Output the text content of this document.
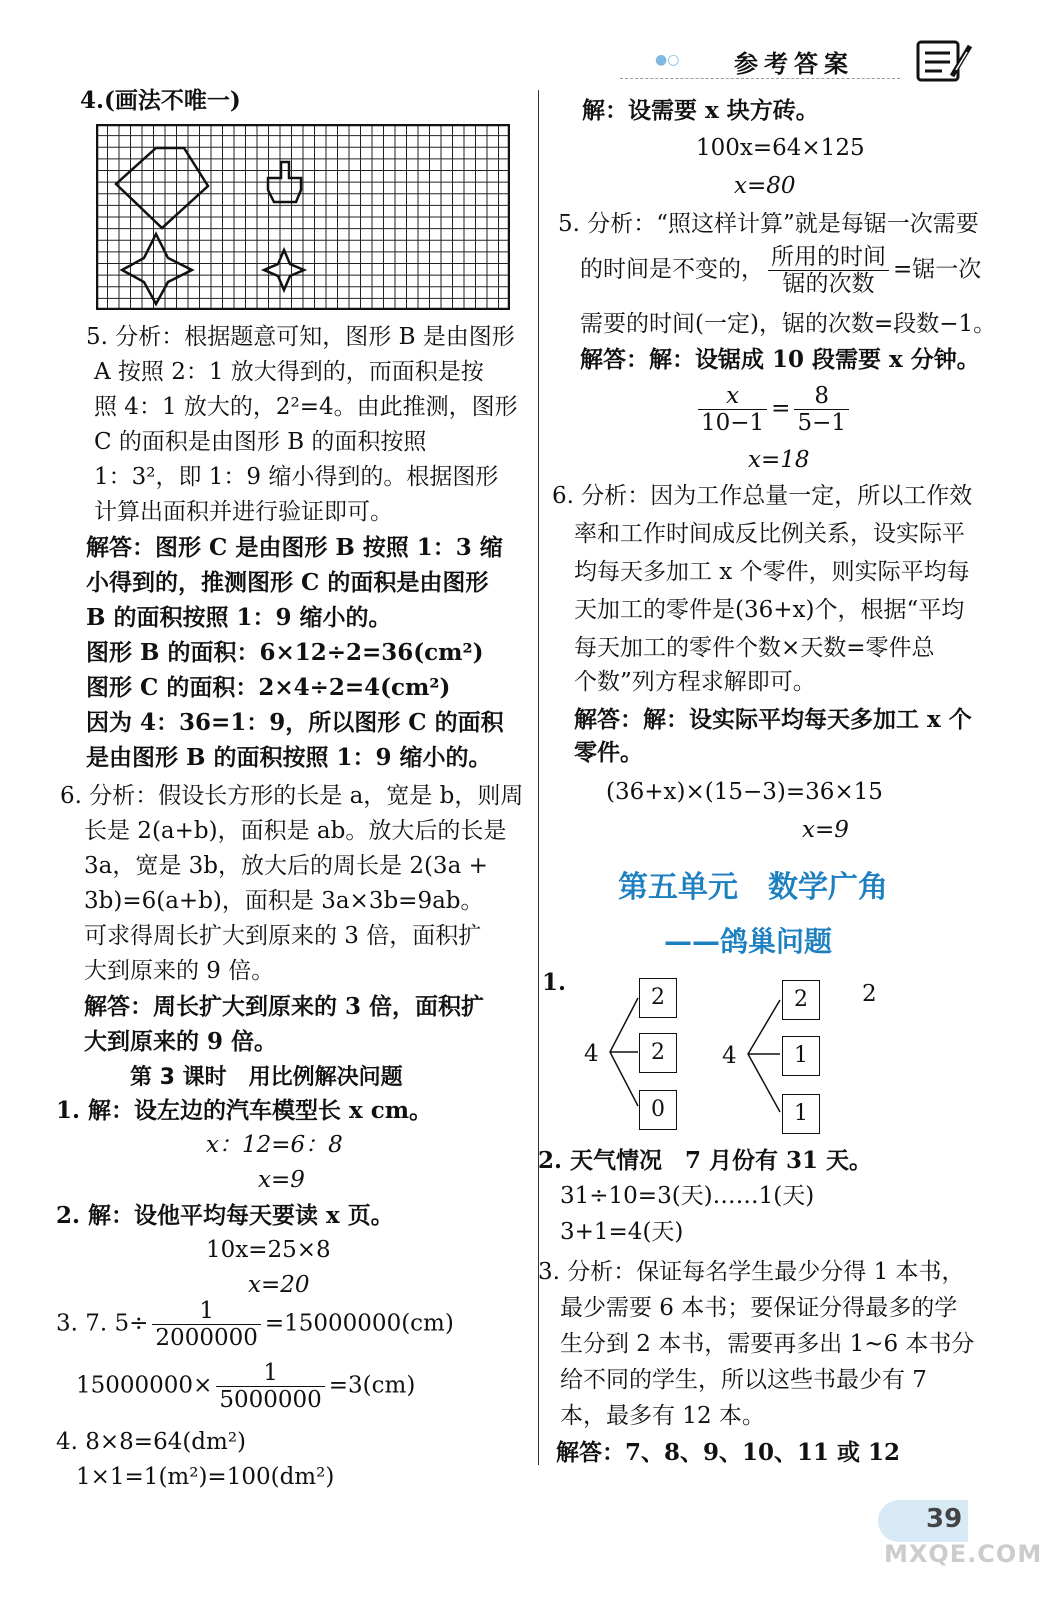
●○ 参考答案
4.(画法不唯一)
5. 分析：根据题意可知，图形 B 是由图形
A 按照 2：1 放大得到的，而面积是按
照 4：1 放大的，2²=4。由此推测，图形
C 的面积是由图形 B 的面积按照
1：3²，即 1：9 缩小得到的。根据图形
计算出面积并进行验证即可。
解答：图形 C 是由图形 B 按照 1：3 缩
小得到的，推测图形 C 的面积是由图形
B 的面积按照 1：9 缩小的。
图形 B 的面积：6×12÷2=36(cm²)
图形 C 的面积：2×4÷2=4(cm²)
因为 4：36=1：9，所以图形 C 的面积
是由图形 B 的面积按照 1：9 缩小的。
6. 分析：假设长方形的长是 a，宽是 b，则周
长是 2(a+b)，面积是 ab。放大后的长是
3a，宽是 3b，放大后的周长是 2(3a +
3b)=6(a+b)，面积是 3a×3b=9ab。
可求得周长扩大到原来的 3 倍，面积扩
大到原来的 9 倍。
解答：周长扩大到原来的 3 倍，面积扩
大到原来的 9 倍。
第 3 课时　用比例解决问题
1. 解：设左边的汽车模型长 x cm。
x：12=6：8
x=9
2. 解：设他平均每天要读 x 页。
10x=25×8
x=20
3. 7. $5\div \frac{1}{2000000} =15000000(cm)$
$15000000\times \frac{1}{5000000} =3(cm)$
4. 8×8=64(dm²)
1×1=1(m²)=100(dm²)
解：设需要 x 块方砖。
100x=64×125
x=80
5. 分析：“照这样计算”就是每锯一次需要
的时间是不变的， $\frac{\text{所用的时间}}{\text{锯的次数}}$ =锯一次
需要的时间(一定)，锯的次数=段数−1。
解答：解：设锯成 10 段需要 x 分钟。
$\frac{x}{10-1} = \frac{8}{5-1}$
x=18
6. 分析：因为工作总量一定，所以工作效
率和工作时间成反比例关系，设实际平
均每天多加工 x 个零件，则实际平均每
天加工的零件是(36+x)个，根据“平均
每天加工的零件个数×天数=零件总
个数”列方程求解即可。
解答：解：设实际平均每天多加工 x 个
零件。
(36+x)×(15−3)=36×15
x=9
第五单元　数学广角
——鸽巢问题
1.
4
2
2
0
4
2
1
1
2
2. 天气情况　7 月份有 31 天。
31÷10=3(天)……1(天)
3+1=4(天)
3. 分析：保证每名学生最少分得 1 本书，
最少需要 6 本书；要保证分得最多的学
生分到 2 本书，需要再多出 1~6 本书分
给不同的学生，所以这些书最少有 7
本，最多有 12 本。
解答：7、8、9、10、11 或 12
39
MXQE.COM
